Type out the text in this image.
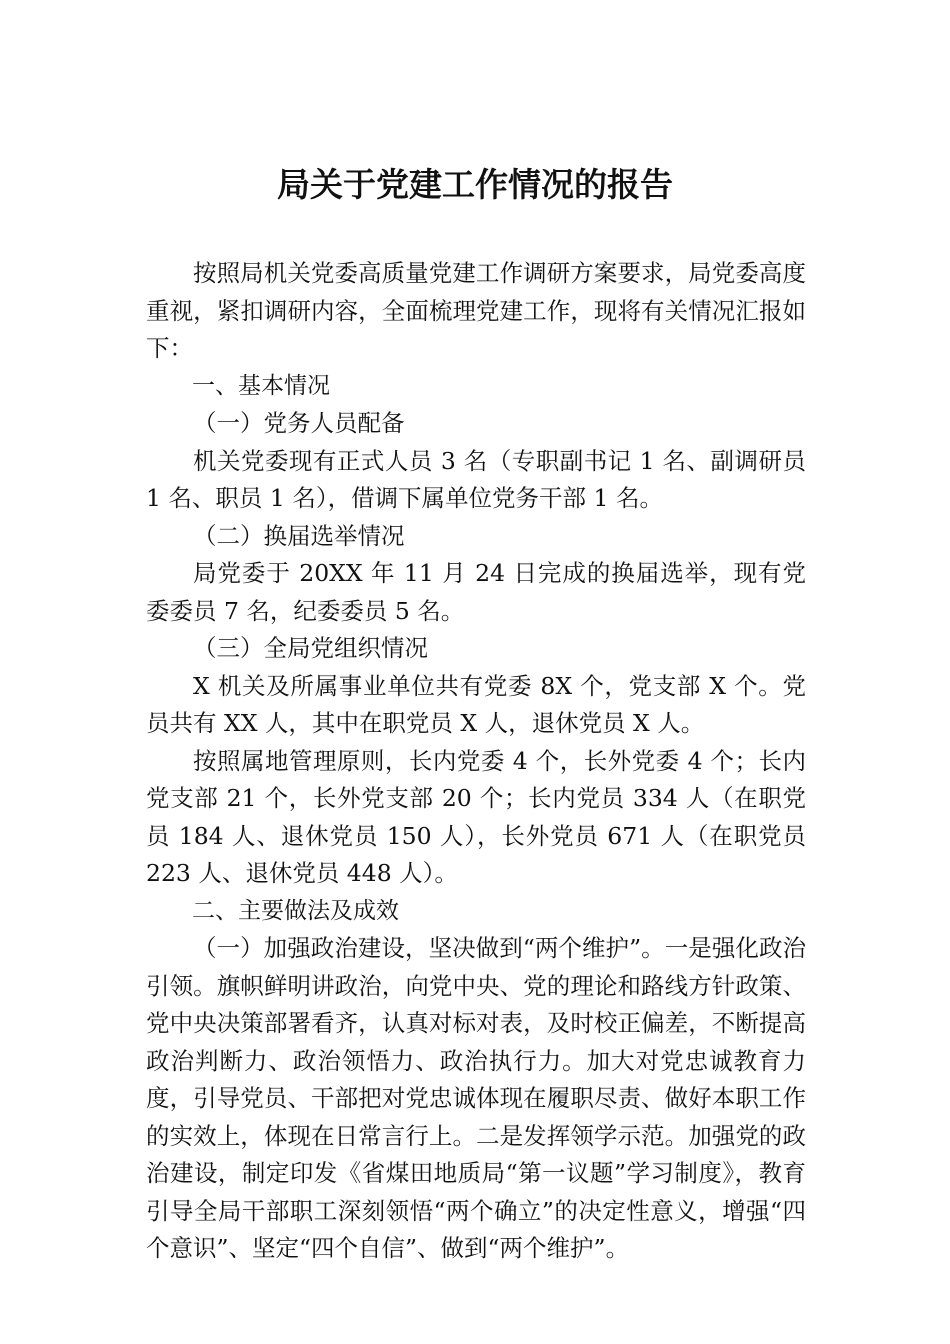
局关于党建工作情况的报告

按照局机关党委高质量党建工作调研方案要求，局党委高度重视，紧扣调研内容，全面梳理党建工作，现将有关情况汇报如下：

一、基本情况

（一）党务人员配备

机关党委现有正式人员 3 名（专职副书记 1 名、副调研员 1 名、职员 1 名），借调下属单位党务干部 1 名。

（二）换届选举情况

局党委于 20XX 年 11 月 24 日完成的换届选举，现有党委委员 7 名，纪委委员 5 名。

（三）全局党组织情况

X 机关及所属事业单位共有党委 8X 个，党支部 X 个。党员共有 XX 人，其中在职党员 X 人，退休党员 X 人。

按照属地管理原则，长内党委 4 个，长外党委 4 个；长内党支部 21 个，长外党支部 20 个；长内党员 334 人（在职党员 184 人、退休党员 150 人），长外党员 671 人（在职党员 223 人、退休党员 448 人）。

二、主要做法及成效

（一）加强政治建设，坚决做到“两个维护”。一是强化政治引领。旗帜鲜明讲政治，向党中央、党的理论和路线方针政策、党中央决策部署看齐，认真对标对表，及时校正偏差，不断提高政治判断力、政治领悟力、政治执行力。加大对党忠诚教育力度，引导党员、干部把对党忠诚体现在履职尽责、做好本职工作的实效上，体现在日常言行上。二是发挥领学示范。加强党的政治建设，制定印发《省煤田地质局“第一议题”学习制度》，教育引导全局干部职工深刻领悟“两个确立”的决定性意义，增强“四个意识”、坚定“四个自信”、做到“两个维护”。
